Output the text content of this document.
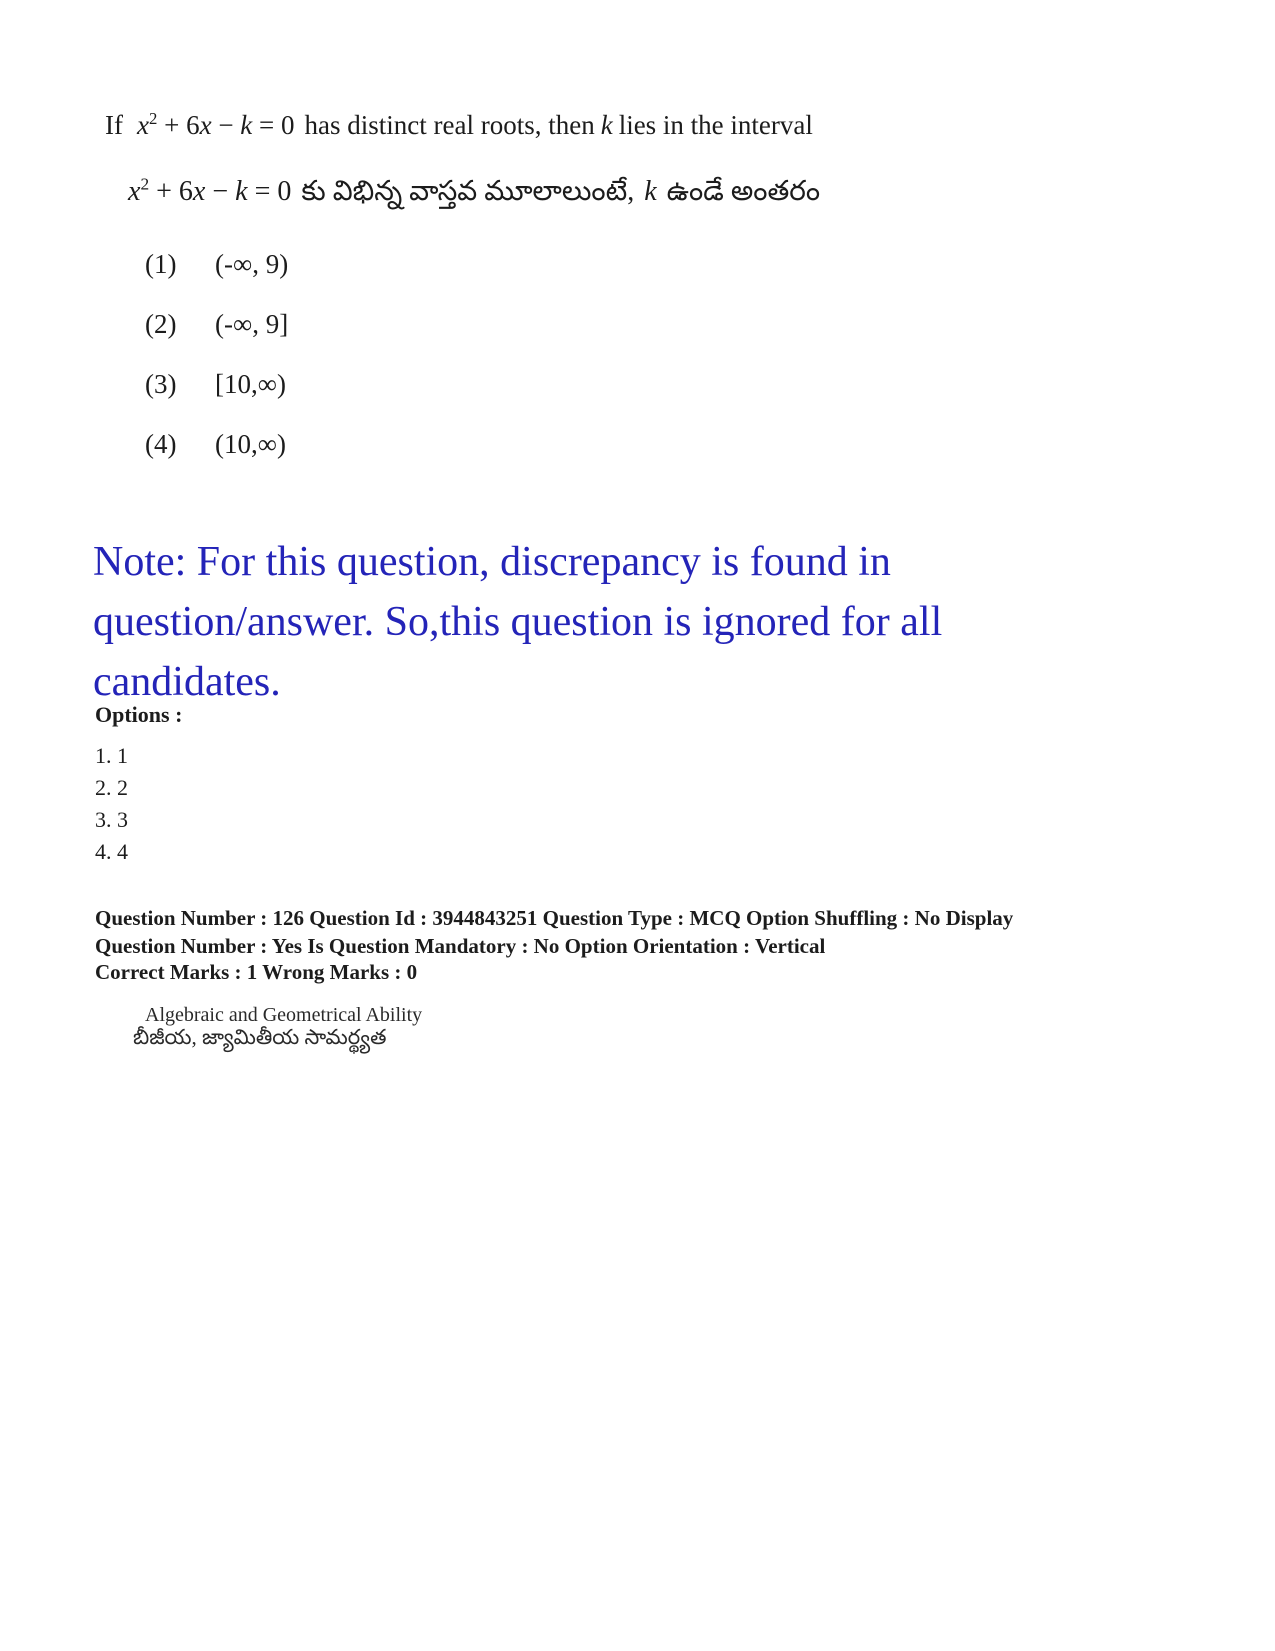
If $x^2 + 6x - k = 0$ has distinct real roots, then k lies in the interval
$x^2 + 6x - k = 0$ కు విభిన్న వాస్తవ మూలాలుంటే, k ఉండే అంతరం
(1)	(-∞, 9)
(2)	(-∞, 9]
(3)	[10,∞)
(4)	(10,∞)
Note: For this question, discrepancy is found in question/answer. So,this question is ignored for all candidates.
Options :
1. 1
2. 2
3. 3
4. 4
Question Number : 126 Question Id : 3944843251 Question Type : MCQ Option Shuffling : No Display
Question Number : Yes Is Question Mandatory : No Option Orientation : Vertical
Correct Marks : 1 Wrong Marks : 0
Algebraic and Geometrical Ability
బీజీయ, జ్యామితీయ సామర్థ్యత
